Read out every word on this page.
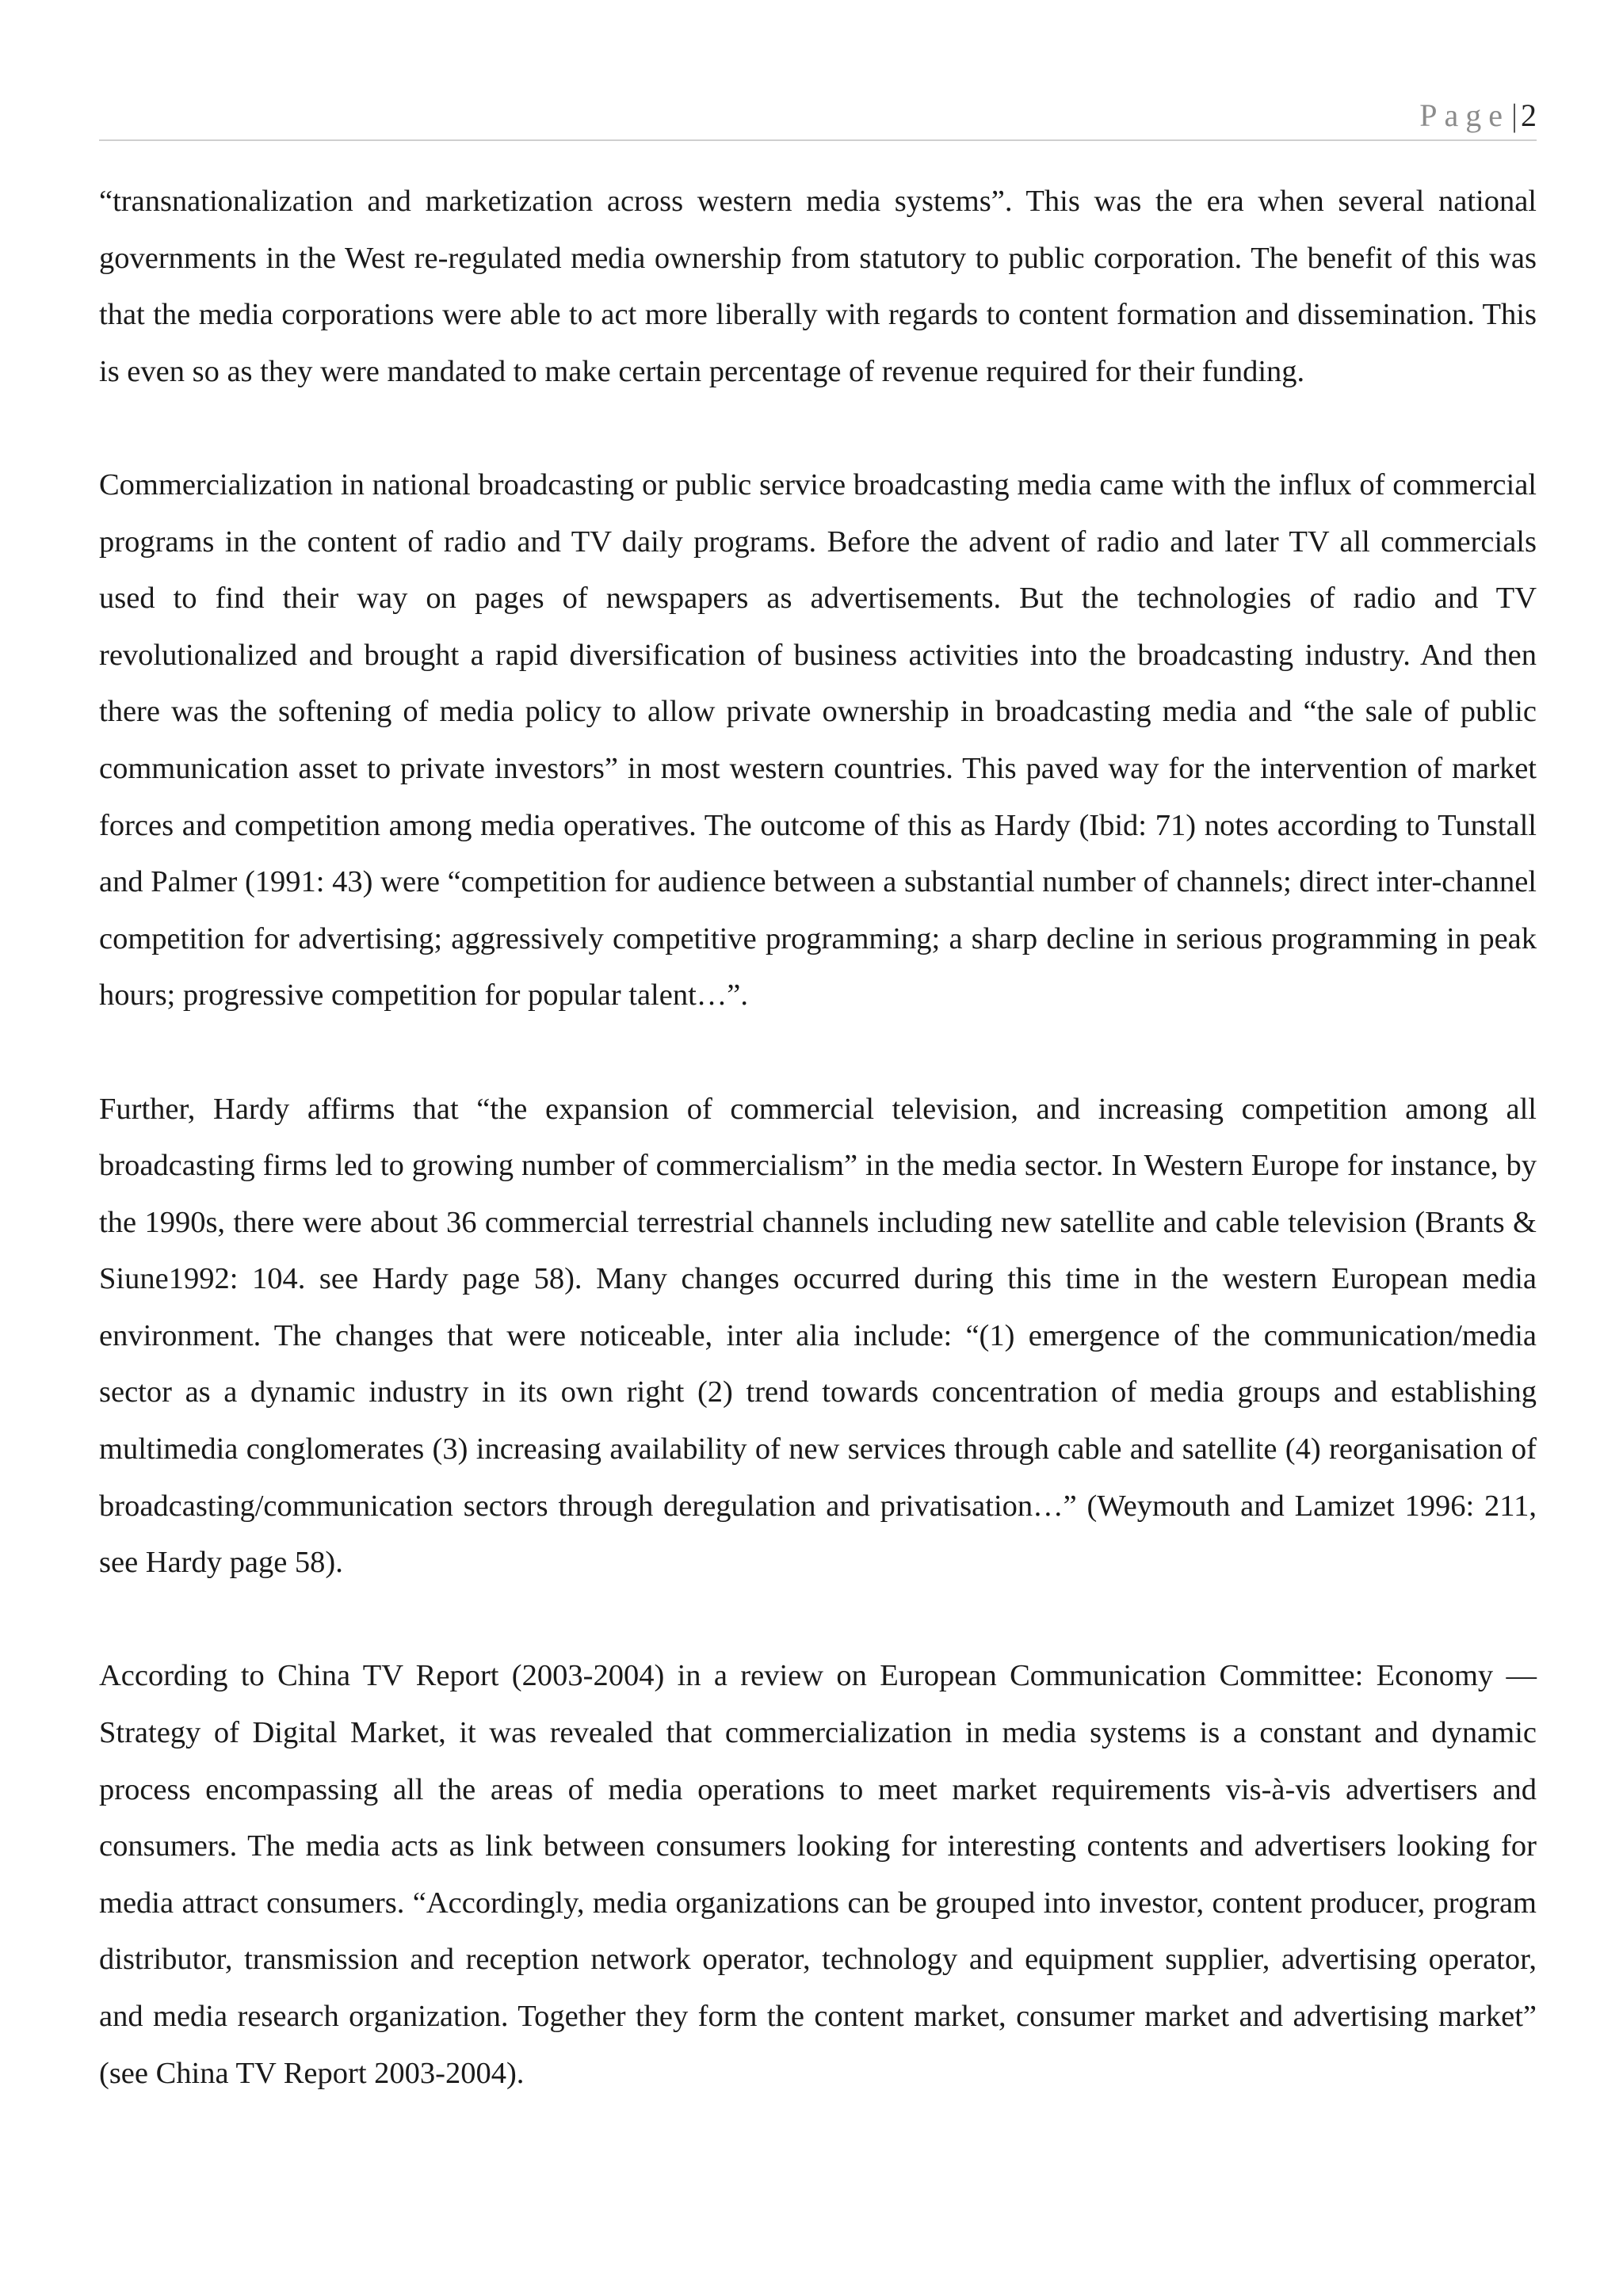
Page| 2

“transnationalization and marketization across western media systems”. This was the era when several national governments in the West re-regulated media ownership from statutory to public corporation. The benefit of this was that the media corporations were able to act more liberally with regards to content formation and dissemination. This is even so as they were mandated to make certain percentage of revenue required for their funding.

Commercialization in national broadcasting or public service broadcasting media came with the influx of commercial programs in the content of radio and TV daily programs. Before the advent of radio and later TV all commercials used to find their way on pages of newspapers as advertisements. But the technologies of radio and TV revolutionalized and brought a rapid diversification of business activities into the broadcasting industry. And then there was the softening of media policy to allow private ownership in broadcasting media and “the sale of public communication asset to private investors” in most western countries. This paved way for the intervention of market forces and competition among media operatives. The outcome of this as Hardy (Ibid: 71) notes according to Tunstall and Palmer (1991: 43) were “competition for audience between a substantial number of channels; direct inter-channel competition for advertising; aggressively competitive programming; a sharp decline in serious programming in peak hours; progressive competition for popular talent…”.

Further, Hardy affirms that “the expansion of commercial television, and increasing competition among all broadcasting firms led to growing number of commercialism” in the media sector. In Western Europe for instance, by the 1990s, there were about 36 commercial terrestrial channels including new satellite and cable television (Brants & Siune1992: 104. see Hardy page 58). Many changes occurred during this time in the western European media environment. The changes that were noticeable, inter alia include: “(1) emergence of the communication/media sector as a dynamic industry in its own right (2) trend towards concentration of media groups and establishing multimedia conglomerates (3) increasing availability of new services through cable and satellite (4) reorganisation of broadcasting/communication sectors through deregulation and privatisation…” (Weymouth and Lamizet 1996: 211, see Hardy page 58).

According to China TV Report (2003-2004) in a review on European Communication Committee: Economy —Strategy of Digital Market, it was revealed that commercialization in media systems is a constant and dynamic process encompassing all the areas of media operations to meet market requirements vis-à-vis advertisers and consumers. The media acts as link between consumers looking for interesting contents and advertisers looking for media attract consumers. “Accordingly, media organizations can be grouped into investor, content producer, program distributor, transmission and reception network operator, technology and equipment supplier, advertising operator, and media research organization. Together they form the content market, consumer market and advertising market” (see China TV Report 2003-2004).
